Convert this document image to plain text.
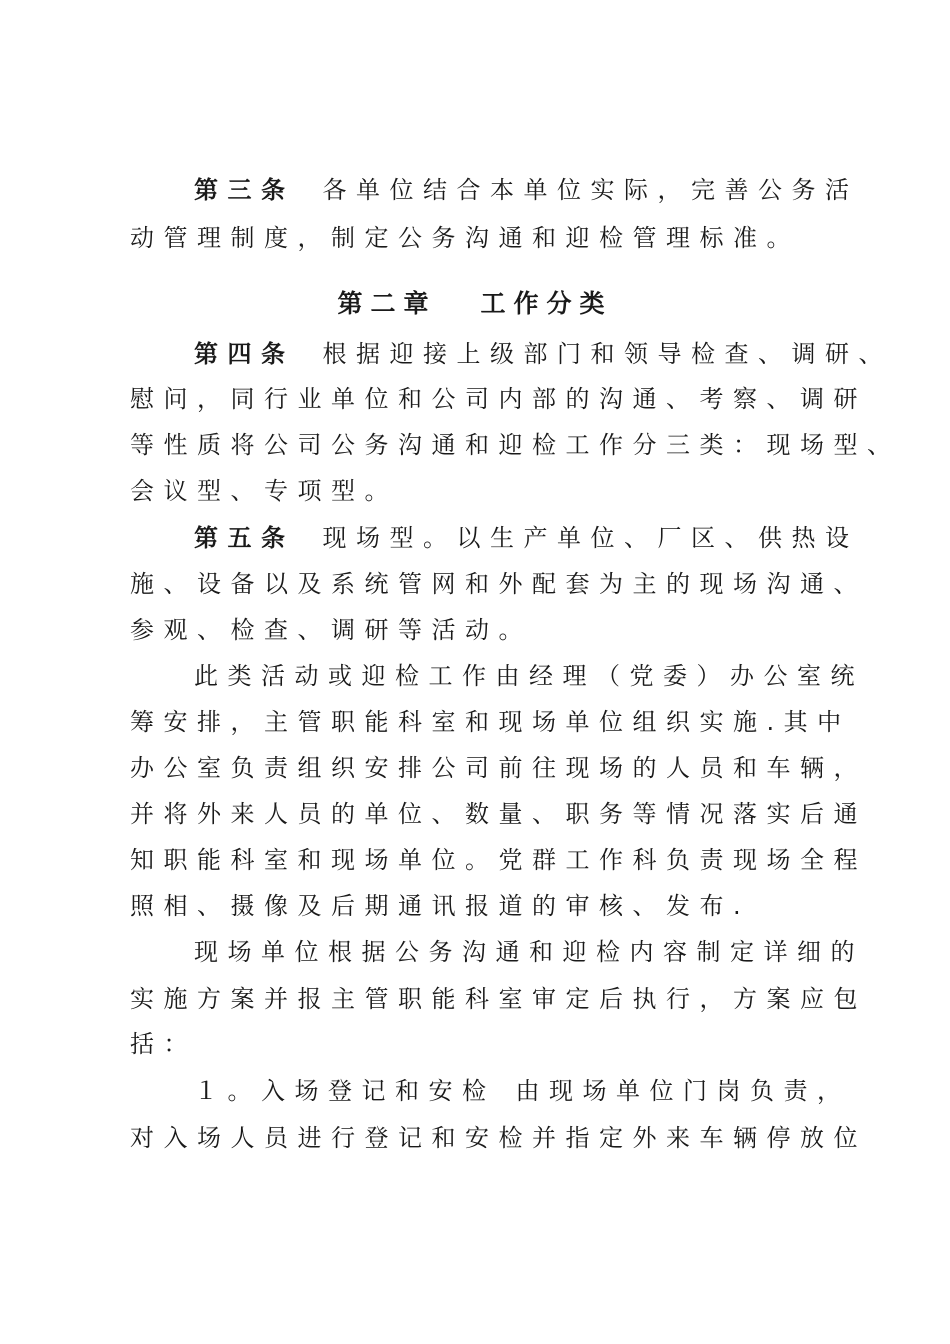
第三条 各单位结合本单位实际，完善公务活
动管理制度，制定公务沟通和迎检管理标准。
第二章 工作分类
第四条 根据迎接上级部门和领导检查、调研、
慰问，同行业单位和公司内部的沟通、考察、调研
等性质将公司公务沟通和迎检工作分三类：现场型、
会议型、专项型。
第五条 现场型。以生产单位、厂区、供热设
施、设备以及系统管网和外配套为主的现场沟通、
参观、检查、调研等活动。
此类活动或迎检工作由经理（党委）办公室统
筹安排，主管职能科室和现场单位组织实施.其中
办公室负责组织安排公司前往现场的人员和车辆，
并将外来人员的单位、数量、职务等情况落实后通
知职能科室和现场单位。党群工作科负责现场全程
照相、摄像及后期通讯报道的审核、发布.
现场单位根据公务沟通和迎检内容制定详细的
实施方案并报主管职能科室审定后执行，方案应包
括：
１。入场登记和安检 由现场单位门岗负责，
对入场人员进行登记和安检并指定外来车辆停放位
